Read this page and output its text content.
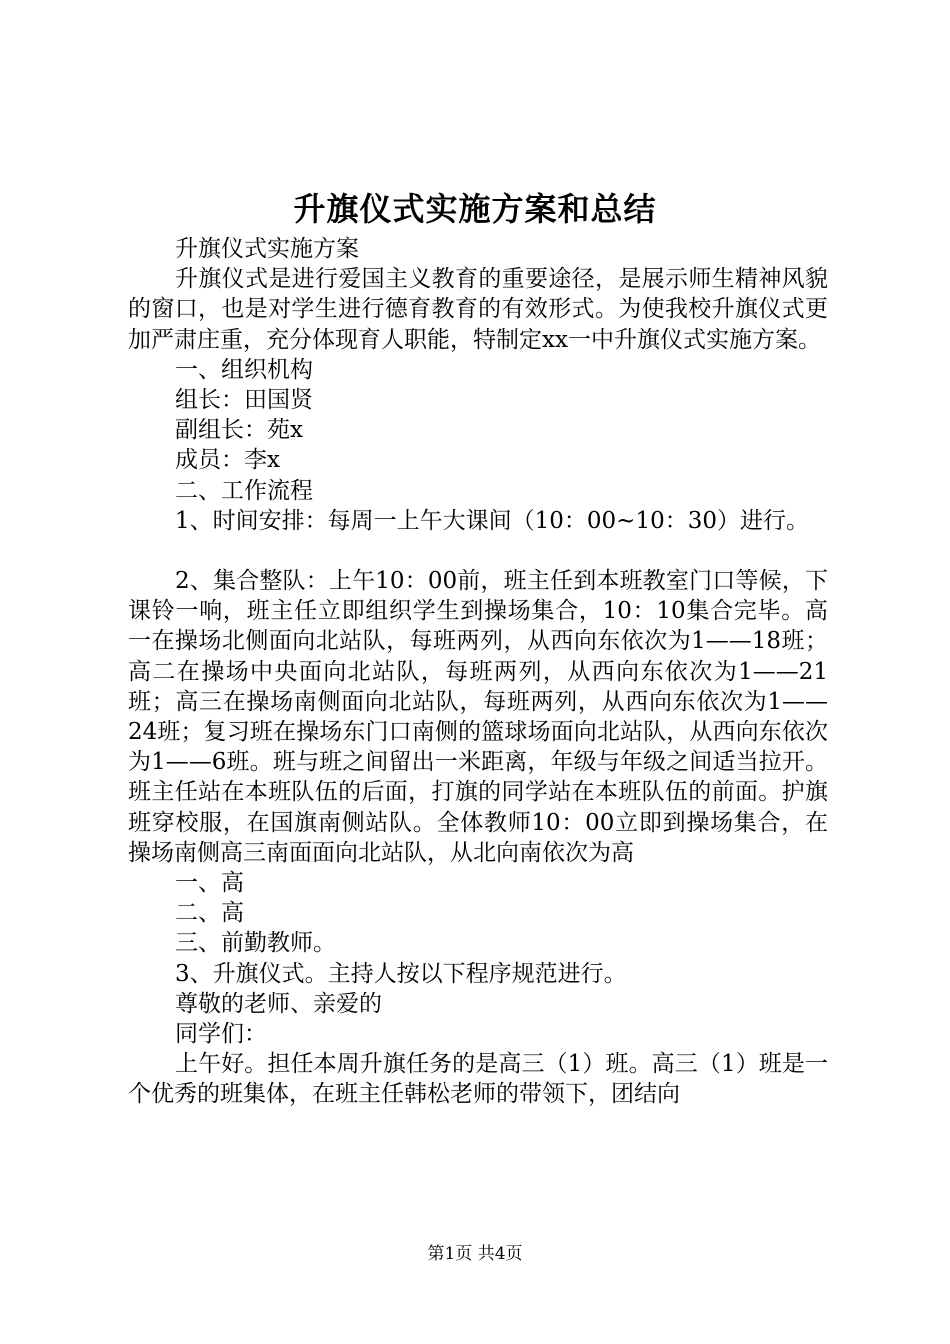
升旗仪式实施方案和总结

升旗仪式实施方案

升旗仪式是进行爱国主义教育的重要途径，是展示师生精神风貌的窗口，也是对学生进行德育教育的有效形式。为使我校升旗仪式更加严肃庄重，充分体现育人职能，特制定xx一中升旗仪式实施方案。

一、组织机构

组长：田国贤

副组长：苑x

成员：李x

二、工作流程

1、时间安排：每周一上午大课间（10：00~10：30）进行。

2、集合整队：上午10：00前，班主任到本班教室门口等候，下课铃一响，班主任立即组织学生到操场集合，10：10集合完毕。高一在操场北侧面向北站队，每班两列，从西向东依次为1——18班；高二在操场中央面向北站队，每班两列，从西向东依次为1——21班；高三在操场南侧面向北站队，每班两列，从西向东依次为1——24班；复习班在操场东门口南侧的篮球场面向北站队，从西向东依次为1——6班。班与班之间留出一米距离，年级与年级之间适当拉开。班主任站在本班队伍的后面，打旗的同学站在本班队伍的前面。护旗班穿校服，在国旗南侧站队。全体教师10：00立即到操场集合，在操场南侧高三南面面向北站队，从北向南依次为高

一、高

二、高

三、前勤教师。

3、升旗仪式。主持人按以下程序规范进行。

尊敬的老师、亲爱的

同学们：

上午好。担任本周升旗任务的是高三（1）班。高三（1）班是一个优秀的班集体，在班主任韩松老师的带领下，团结向

第1页 共4页
